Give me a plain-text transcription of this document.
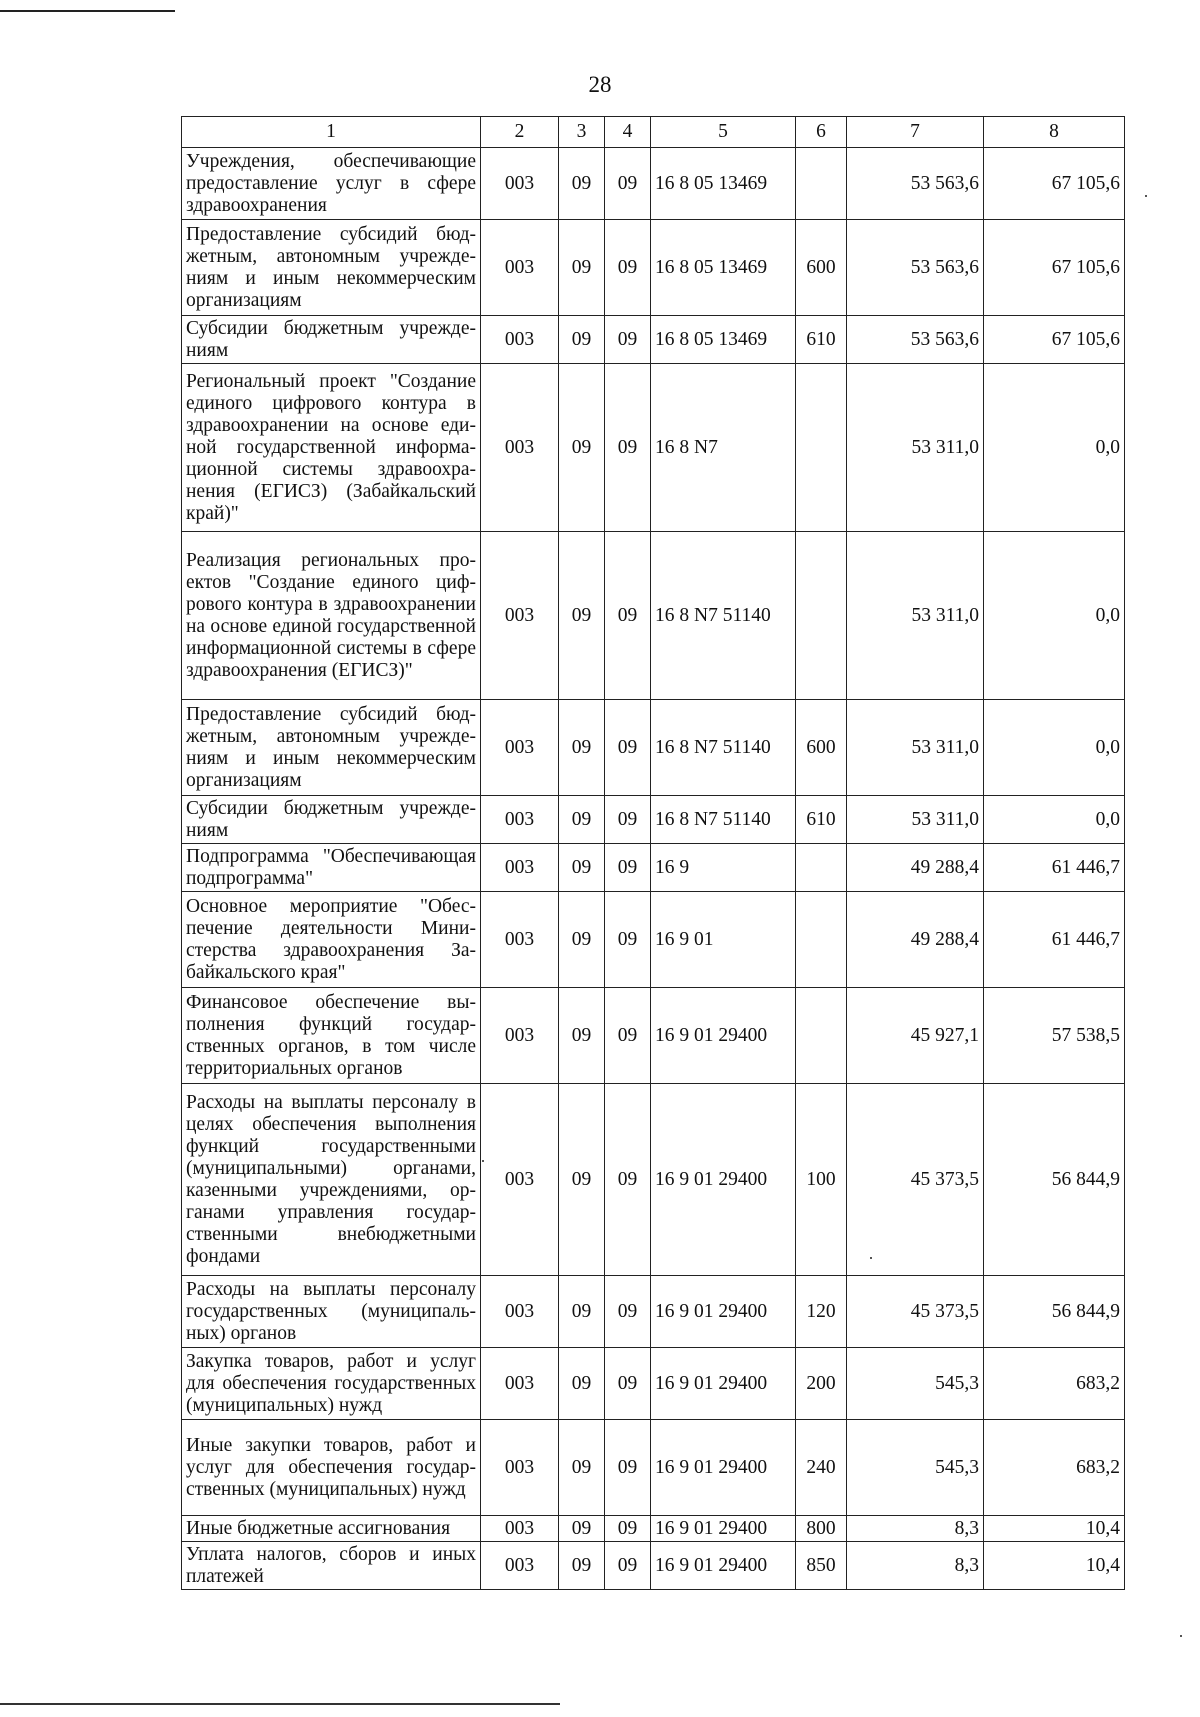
28
1	2	3	4	5	6	7	8
Учреждения, обеспечивающие предоставление услуг в сфере здравоохранения	003	09	09	16 8 05 13469		53 563,6	67 105,6
Предоставление субсидий бюджетным, автономным учреждениям и иным некоммерческим организациям	003	09	09	16 8 05 13469	600	53 563,6	67 105,6
Субсидии бюджетным учреждениям	003	09	09	16 8 05 13469	610	53 563,6	67 105,6
Региональный проект "Создание единого цифрового контура в здравоохранении на основе единой государственной информационной системы здравоохранения (ЕГИСЗ) (Забайкальский край)"	003	09	09	16 8 N7		53 311,0	0,0
Реализация региональных проектов "Создание единого цифрового контура в здравоохранении на основе единой государственной информационной системы в сфере здравоохранения (ЕГИСЗ)"	003	09	09	16 8 N7 51140		53 311,0	0,0
Предоставление субсидий бюджетным, автономным учреждениям и иным некоммерческим организациям	003	09	09	16 8 N7 51140	600	53 311,0	0,0
Субсидии бюджетным учреждениям	003	09	09	16 8 N7 51140	610	53 311,0	0,0
Подпрограмма "Обеспечивающая подпрограмма"	003	09	09	16 9		49 288,4	61 446,7
Основное мероприятие "Обеспечение деятельности Министерства здравоохранения Забайкальского края"	003	09	09	16 9 01		49 288,4	61 446,7
Финансовое обеспечение выполнения функций государственных органов, в том числе территориальных органов	003	09	09	16 9 01 29400		45 927,1	57 538,5
Расходы на выплаты персоналу в целях обеспечения выполнения функций государственными (муниципальными) органами, казенными учреждениями, органами управления государственными внебюджетными фондами	003	09	09	16 9 01 29400	100	45 373,5	56 844,9
Расходы на выплаты персоналу государственных (муниципальных) органов	003	09	09	16 9 01 29400	120	45 373,5	56 844,9
Закупка товаров, работ и услуг для обеспечения государственных (муниципальных) нужд	003	09	09	16 9 01 29400	200	545,3	683,2
Иные закупки товаров, работ и услуг для обеспечения государственных (муниципальных) нужд	003	09	09	16 9 01 29400	240	545,3	683,2
Иные бюджетные ассигнования	003	09	09	16 9 01 29400	800	8,3	10,4
Уплата налогов, сборов и иных платежей	003	09	09	16 9 01 29400	850	8,3	10,4
